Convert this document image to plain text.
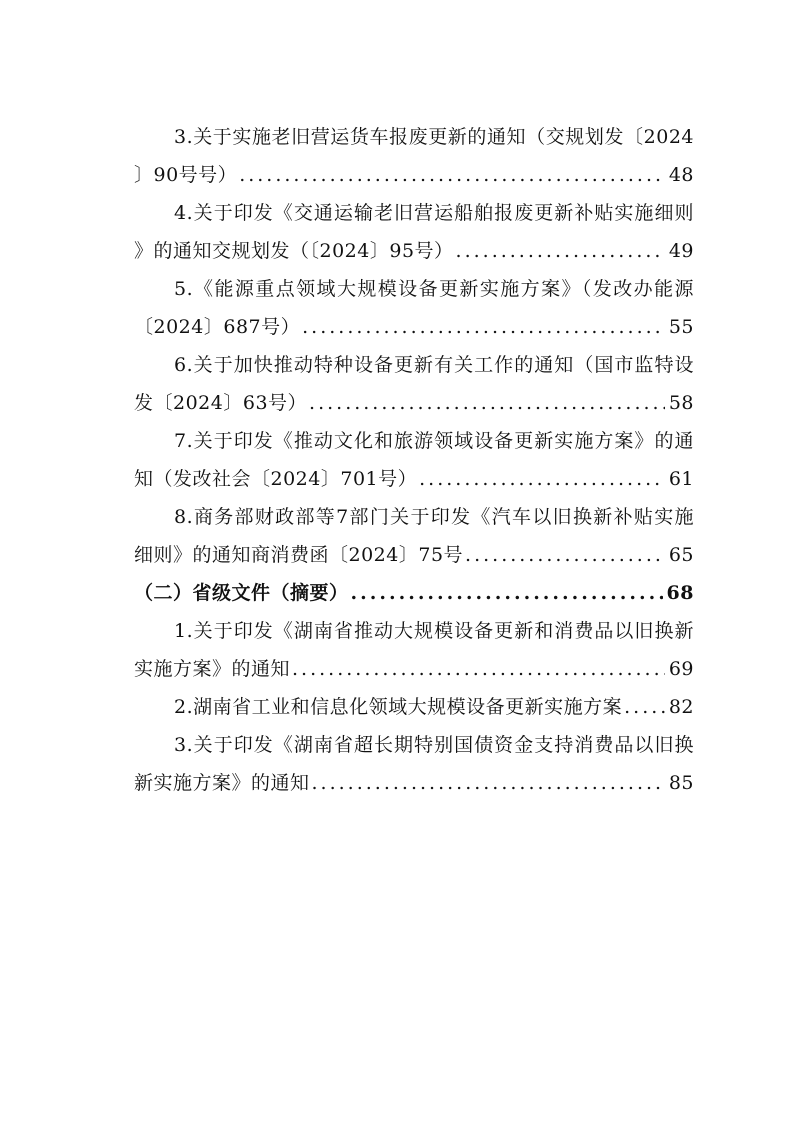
3.关于实施老旧营运货车报废更新的通知（交规划发〔2024
〕90号号） .....	48
4.关于印发《交通运输老旧营运船舶报废更新补贴实施细则
》的通知交规划发（〔2024〕95号） .....	49
5.《能源重点领域大规模设备更新实施方案》（发改办能源
〔2024〕687号） .....	55
6.关于加快推动特种设备更新有关工作的通知（国市监特设
发〔2024〕63号） .....	58
7.关于印发《推动文化和旅游领域设备更新实施方案》的通
知（发改社会〔2024〕701号） .....	61
8.商务部财政部等7部门关于印发《汽车以旧换新补贴实施
细则》的通知商消费函〔2024〕75号 .....	65
（二）省级文件（摘要） .....	68
1.关于印发《湖南省推动大规模设备更新和消费品以旧换新
实施方案》的通知 .....	69
2.湖南省工业和信息化领域大规模设备更新实施方案 ..... 82
3.关于印发《湖南省超长期特别国债资金支持消费品以旧换
新实施方案》的通知 .....	85
